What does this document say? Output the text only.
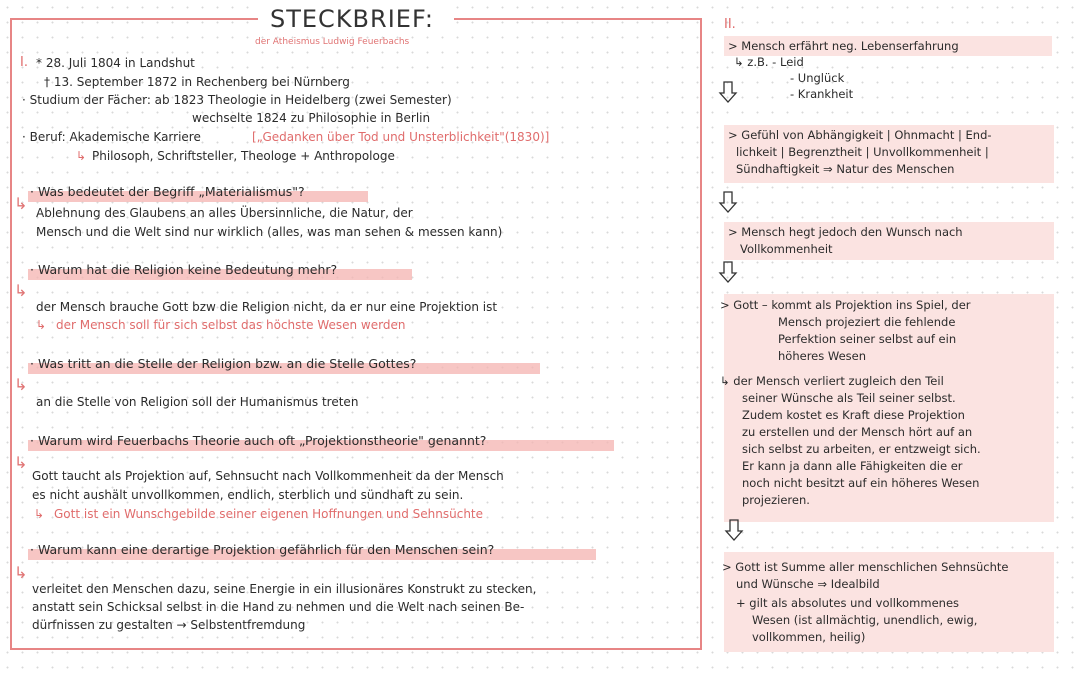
STECKBRIEF:
der Atheismus Ludwig Feuerbachs
I. * 28. Juli 1804 in Landshut
† 13. September 1872 in Rechenberg bei Nürnberg
· Studium der Fächer: ab 1823 Theologie in Heidelberg (zwei Semester)
wechselte 1824 zu Philosophie in Berlin
· Beruf: Akademische Karriere	[„Gedanken über Tod und Unsterblichkeit"(1830)]
↳ Philosoph, Schriftsteller, Theologe + Anthropologe
· Was bedeutet der Begriff „Materialismus"?
↳ Ablehnung des Glaubens an alles Übersinnliche, die Natur, der
Mensch und die Welt sind nur wirklich (alles, was man sehen & messen kann)
· Warum hat die Religion keine Bedeutung mehr?
↳
der Mensch brauche Gott bzw die Religion nicht, da er nur eine Projektion ist
↳ der Mensch soll für sich selbst das höchste Wesen werden
· Was tritt an die Stelle der Religion bzw. an die Stelle Gottes?
↳
an die Stelle von Religion soll der Humanismus treten
· Warum wird Feuerbachs Theorie auch oft „Projektionstheorie" genannt?
↳
Gott taucht als Projektion auf, Sehnsucht nach Vollkommenheit da der Mensch
es nicht aushält unvollkommen, endlich, sterblich und sündhaft zu sein.
↳ Gott ist ein Wunschgebilde seiner eigenen Hoffnungen und Sehnsüchte
· Warum kann eine derartige Projektion gefährlich für den Menschen sein?
↳
verleitet den Menschen dazu, seine Energie in ein illusionäres Konstrukt zu stecken,
anstatt sein Schicksal selbst in die Hand zu nehmen und die Welt nach seinen Be-
dürfnissen zu gestalten → Selbstentfremdung
II.
> Mensch erfährt neg. Lebenserfahrung
↳ z.B. - Leid
- Unglück
- Krankheit
> Gefühl von Abhängigkeit | Ohnmacht | End-
lichkeit | Begrenztheit | Unvollkommenheit |
Sündhaftigkeit ⇒ Natur des Menschen
> Mensch hegt jedoch den Wunsch nach
Vollkommenheit
> Gott – kommt als Projektion ins Spiel, der
Mensch projeziert die fehlende
Perfektion seiner selbst auf ein
höheres Wesen
↳ der Mensch verliert zugleich den Teil
seiner Wünsche als Teil seiner selbst.
Zudem kostet es Kraft diese Projektion
zu erstellen und der Mensch hört auf an
sich selbst zu arbeiten, er entzweigt sich.
Er kann ja dann alle Fähigkeiten die er
noch nicht besitzt auf ein höheres Wesen
projezieren.
> Gott ist Summe aller menschlichen Sehnsüchte
und Wünsche ⇒ Idealbild
+ gilt als absolutes und vollkommenes
Wesen (ist allmächtig, unendlich, ewig,
vollkommen, heilig)
